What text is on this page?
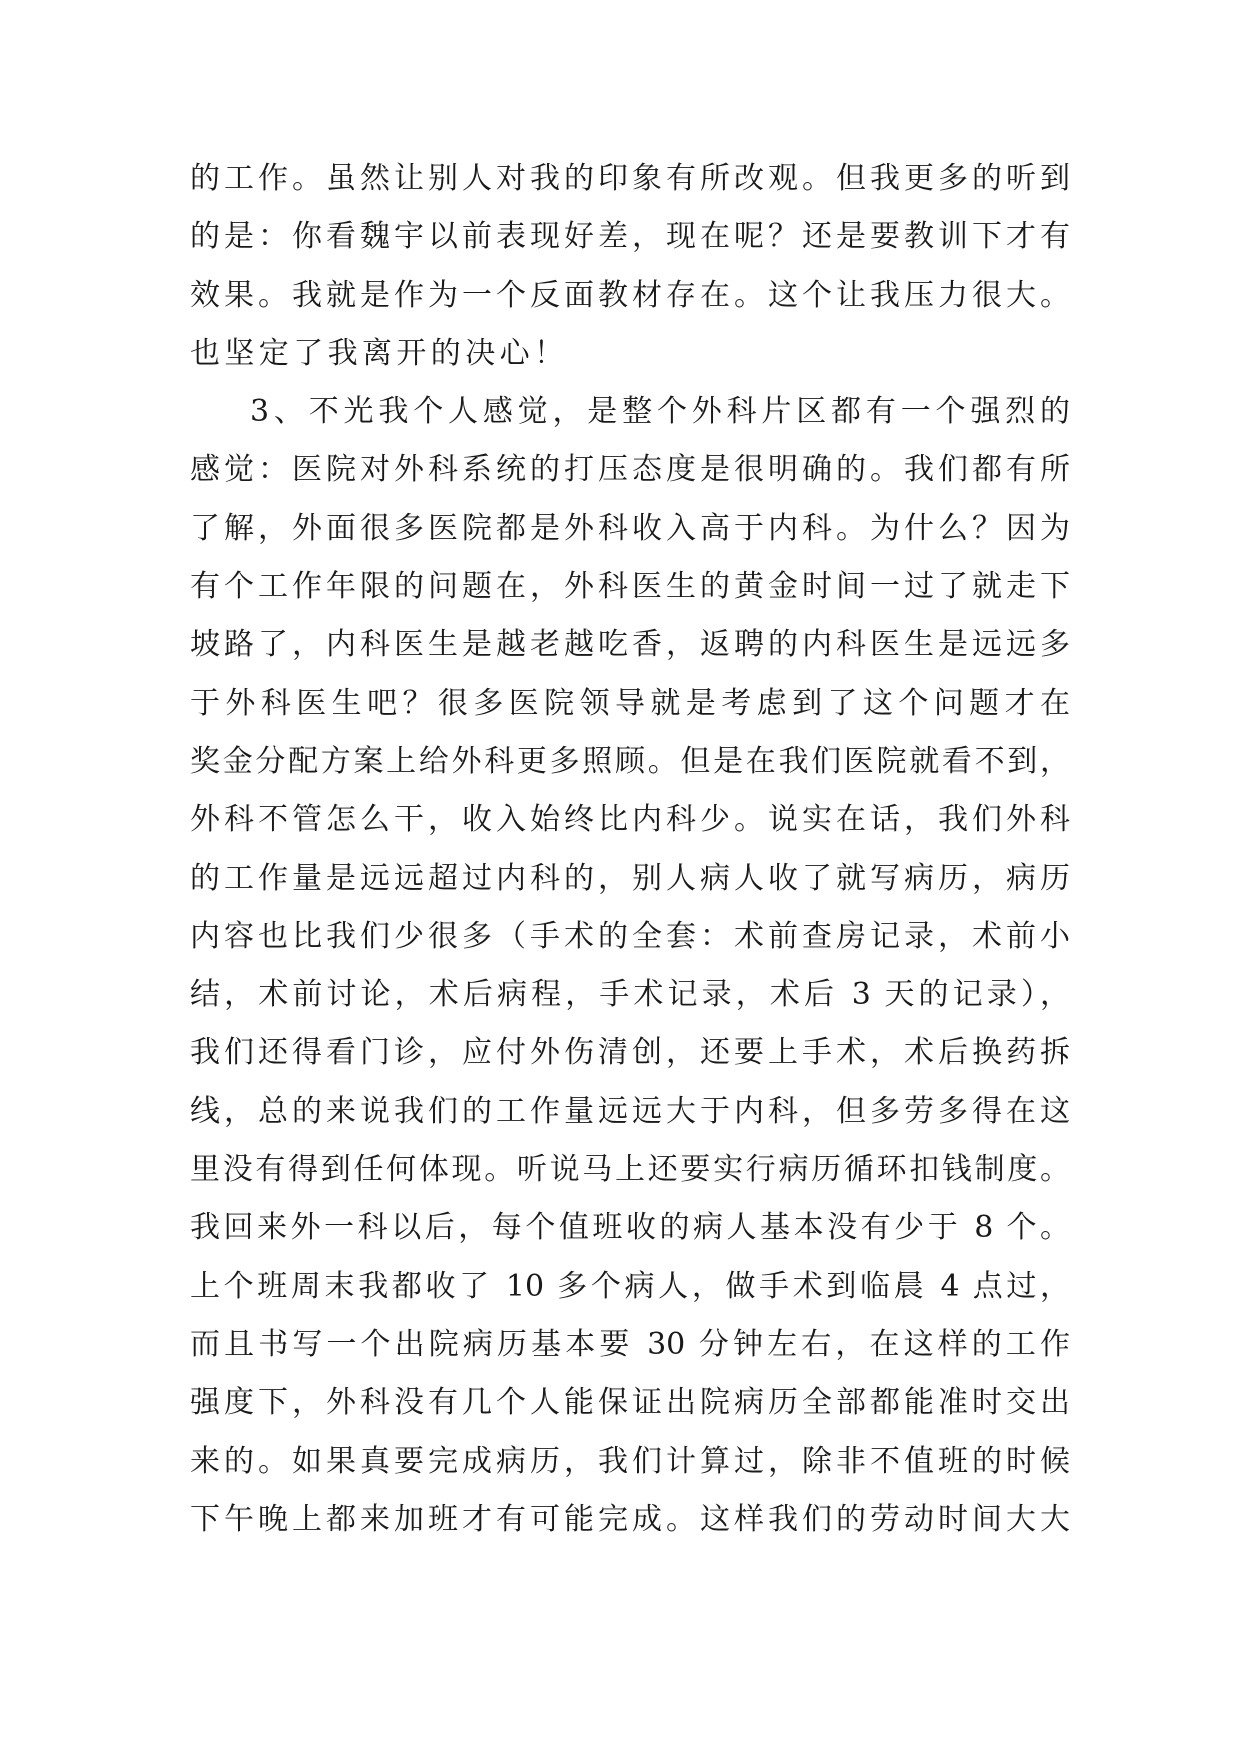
的工作。虽然让别人对我的印象有所改观。但我更多的听到
的是：你看魏宇以前表现好差，现在呢？还是要教训下才有
效果。我就是作为一个反面教材存在。这个让我压力很大。
也坚定了我离开的决心！
3、不光我个人感觉，是整个外科片区都有一个强烈的
感觉：医院对外科系统的打压态度是很明确的。我们都有所
了解，外面很多医院都是外科收入高于内科。为什么？因为
有个工作年限的问题在，外科医生的黄金时间一过了就走下
坡路了，内科医生是越老越吃香，返聘的内科医生是远远多
于外科医生吧？很多医院领导就是考虑到了这个问题才在
奖金分配方案上给外科更多照顾。但是在我们医院就看不到，
外科不管怎么干，收入始终比内科少。说实在话，我们外科
的工作量是远远超过内科的，别人病人收了就写病历，病历
内容也比我们少很多（手术的全套：术前查房记录，术前小
结，术前讨论，术后病程，手术记录，术后 3 天的记录），
我们还得看门诊，应付外伤清创，还要上手术，术后换药拆
线，总的来说我们的工作量远远大于内科，但多劳多得在这
里没有得到任何体现。听说马上还要实行病历循环扣钱制度。
我回来外一科以后，每个值班收的病人基本没有少于 8 个。
上个班周末我都收了 10 多个病人，做手术到临晨 4 点过，
而且书写一个出院病历基本要 30 分钟左右，在这样的工作
强度下，外科没有几个人能保证出院病历全部都能准时交出
来的。如果真要完成病历，我们计算过，除非不值班的时候
下午晚上都来加班才有可能完成。这样我们的劳动时间大大
